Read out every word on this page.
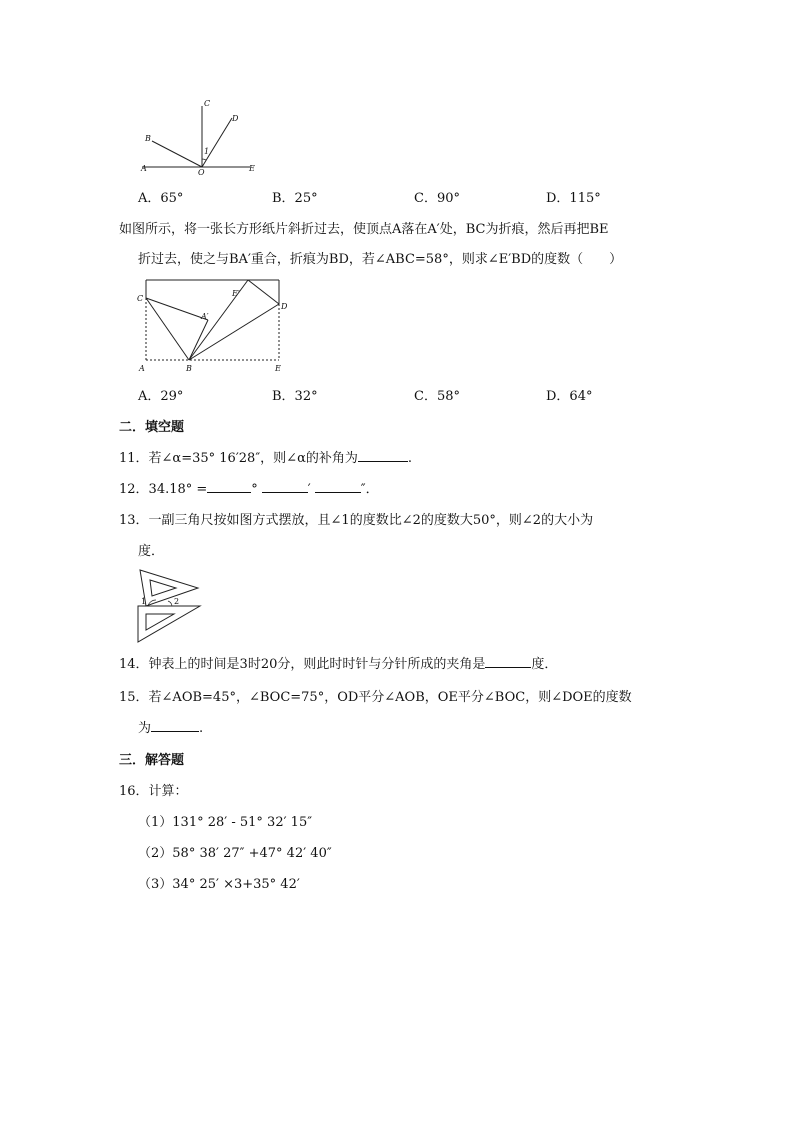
C
D
B
A	O	E
1
A．65°	B．25°	C．90°	D．115°
如图所示，将一张长方形纸片斜折过去，使顶点A落在A′处，BC为折痕，然后再把BE
折过去，使之与BA′重合，折痕为BD，若∠ABC=58°，则求∠E′BD的度数（　　）
C
E′
D
A′
A	B	E
A．29°	B．32°	C．58°	D．64°
二．填空题
11．若∠α=35° 16′28″，则∠α的补角为	.
12．34.18° =	°	′	″．
13．一副三角尺按如图方式摆放，且∠1的度数比∠2的度数大50°，则∠2的大小为
度．
1	2
14．钟表上的时间是3时20分，则此时时针与分针所成的夹角是	度．
15．若∠AOB=45°，∠BOC=75°，OD平分∠AOB，OE平分∠BOC，则∠DOE的度数
为	.
三．解答题
16．计算：
（1）131° 28′ - 51° 32′ 15″
（2）58° 38′ 27″ +47° 42′ 40″
（3）34° 25′ ×3+35° 42′
